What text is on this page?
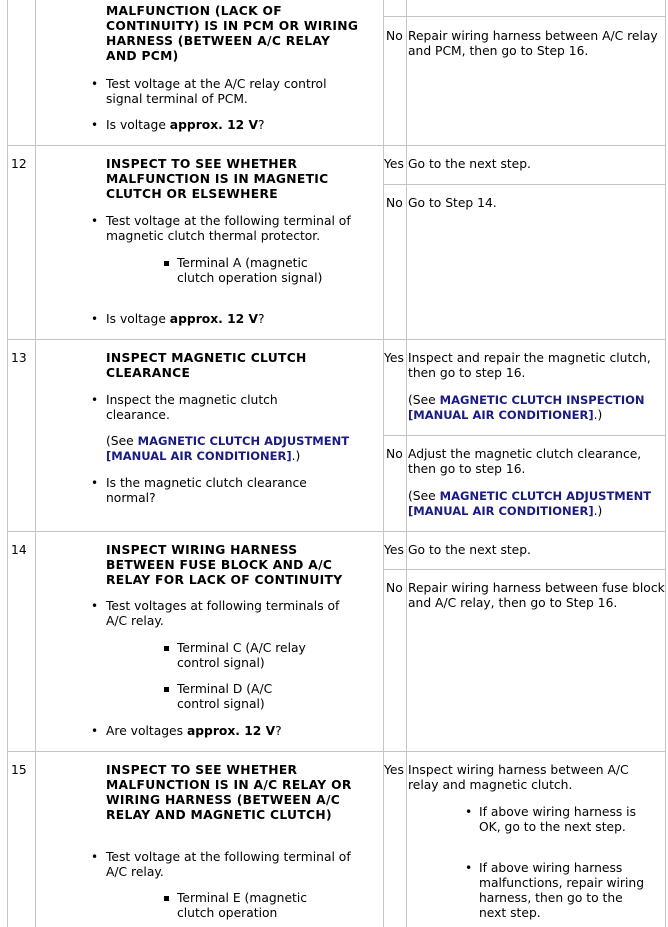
MALFUNCTION (LACK OF CONTINUITY) IS IN PCM OR WIRING HARNESS (BETWEEN A/C RELAY AND PCM)
• Test voltage at the A/C relay control signal terminal of PCM.
• Is voltage approx. 12 V?
No Repair wiring harness between A/C relay and PCM, then go to Step 16.
12	INSPECT TO SEE WHETHER MALFUNCTION IS IN MAGNETIC CLUTCH OR ELSEWHERE
• Test voltage at the following terminal of magnetic clutch thermal protector.
Terminal A (magnetic clutch operation signal)
• Is voltage approx. 12 V?
Yes Go to the next step.
No Go to Step 14.
13	INSPECT MAGNETIC CLUTCH CLEARANCE
• Inspect the magnetic clutch clearance.
(See MAGNETIC CLUTCH ADJUSTMENT [MANUAL AIR CONDITIONER].)
• Is the magnetic clutch clearance normal?
Yes Inspect and repair the magnetic clutch, then go to step 16.
(See MAGNETIC CLUTCH INSPECTION [MANUAL AIR CONDITIONER].)
No Adjust the magnetic clutch clearance, then go to step 16.
(See MAGNETIC CLUTCH ADJUSTMENT [MANUAL AIR CONDITIONER].)
14	INSPECT WIRING HARNESS BETWEEN FUSE BLOCK AND A/C RELAY FOR LACK OF CONTINUITY
• Test voltages at following terminals of A/C relay.
Terminal C (A/C relay control signal)
Terminal D (A/C control signal)
• Are voltages approx. 12 V?
Yes Go to the next step.
No Repair wiring harness between fuse block and A/C relay, then go to Step 16.
15	INSPECT TO SEE WHETHER MALFUNCTION IS IN A/C RELAY OR WIRING HARNESS (BETWEEN A/C RELAY AND MAGNETIC CLUTCH)
• Test voltage at the following terminal of A/C relay.
Terminal E (magnetic clutch operation
Yes Inspect wiring harness between A/C relay and magnetic clutch.
• If above wiring harness is OK, go to the next step.
• If above wiring harness malfunctions, repair wiring harness, then go to the next step.
